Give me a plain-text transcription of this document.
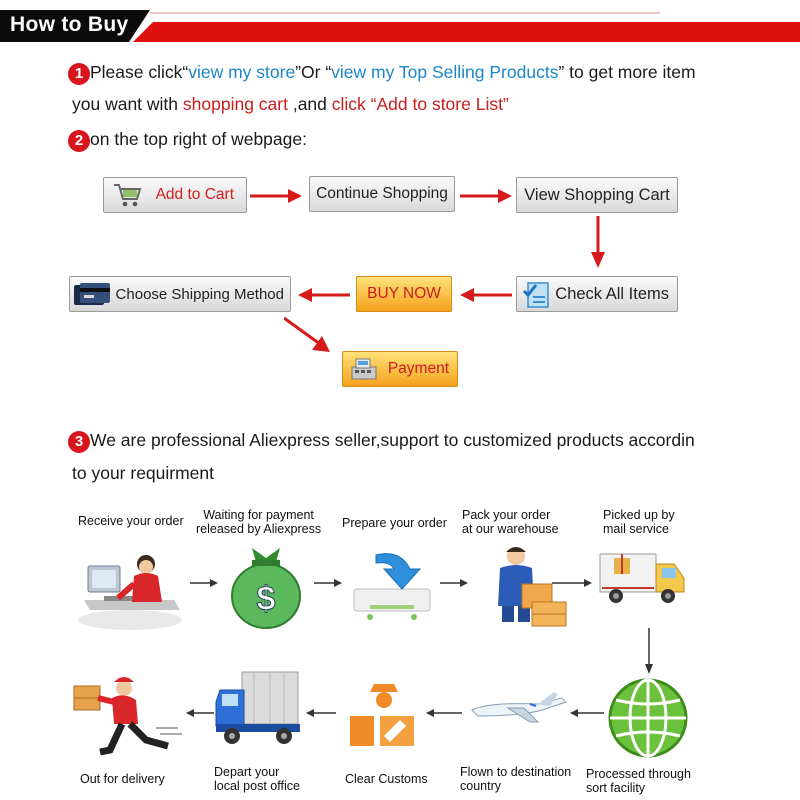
How to Buy
1 Please click“view my store”Or “view my Top Selling Products” to get more item
you want with shopping cart ,and click “Add to store List”
2 on the top right of webpage:
3 We are professional Aliexpress seller,support to customized products accordin
to your requirment
Add to Cart	Continue Shopping	View Shopping Cart
Check All Items
BUY NOW
Choose Shipping Method
Payment
Receive your order	Waiting for payment
released by Aliexpress Prepare your order
Pack your order
at our warehouse
Picked up by
mail service
$
Out for delivery	Depart your
local post office	Clear Customs	Flown to destination
country
Processed through
sort facility
